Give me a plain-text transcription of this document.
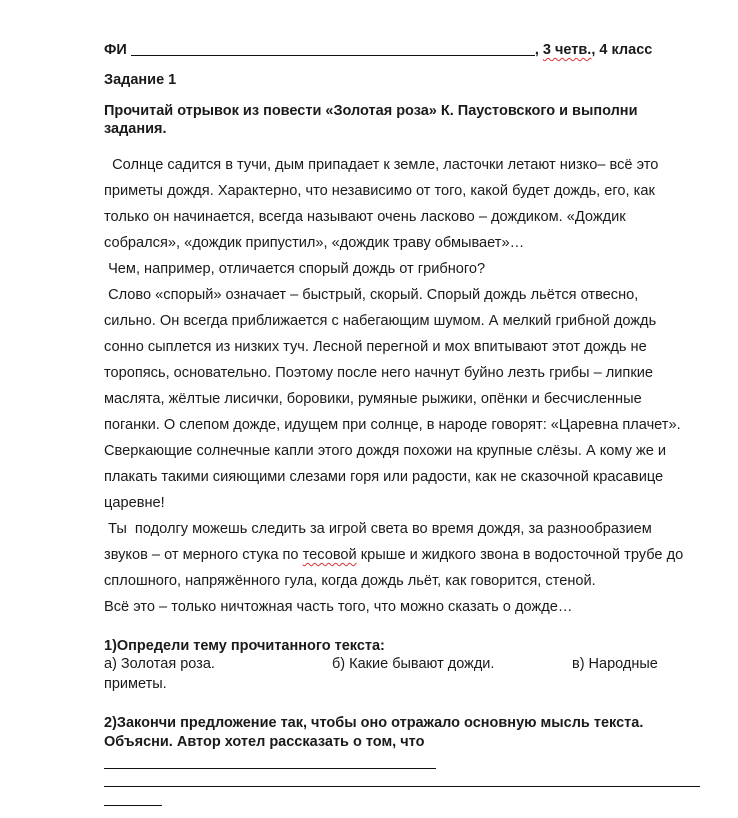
ФИ	, 3 четв., 4 класс
Задание 1
Прочитай отрывок из повести «Золотая роза» К. Паустовского и выполни задания.
Солнце садится в тучи, дым припадает к земле, ласточки летают низко– всё это приметы дождя. Характерно, что независимо от того, какой будет дождь, его, как только он начинается, всегда называют очень ласково – дождиком. «Дождик собрался», «дождик припустил», «дождик траву обмывает»…
Чем, например, отличается спорый дождь от грибного?
Слово «спорый» означает – быстрый, скорый. Спорый дождь льётся отвесно, сильно. Он всегда приближается с набегающим шумом. А мелкий грибной дождь сонно сыплется из низких туч. Лесной перегной и мох впитывают этот дождь не торопясь, основательно. Поэтому после него начнут буйно лезть грибы – липкие маслята, жёлтые лисички, боровики, румяные рыжики, опёнки и бесчисленные поганки. О слепом дожде, идущем при солнце, в народе говорят: «Царевна плачет». Сверкающие солнечные капли этого дождя похожи на крупные слёзы. А кому же и плакать такими сияющими слезами горя или радости, как не сказочной красавице царевне!
Ты  подолгу можешь следить за игрой света во время дождя, за разнообразием звуков – от мерного стука по тесовой крыше и жидкого звона в водосточной трубе до сплошного, напряжённого гула, когда дождь льёт, как говорится, стеной.
Всё это – только ничтожная часть того, что можно сказать о дожде…
1)Определи тему прочитанного текста:
а) Золотая роза.	б) Какие бывают дожди.	в) Народные
приметы.
2)Закончи предложение так, чтобы оно отражало основную мысль текста. Объясни. Автор хотел рассказать о том, что
